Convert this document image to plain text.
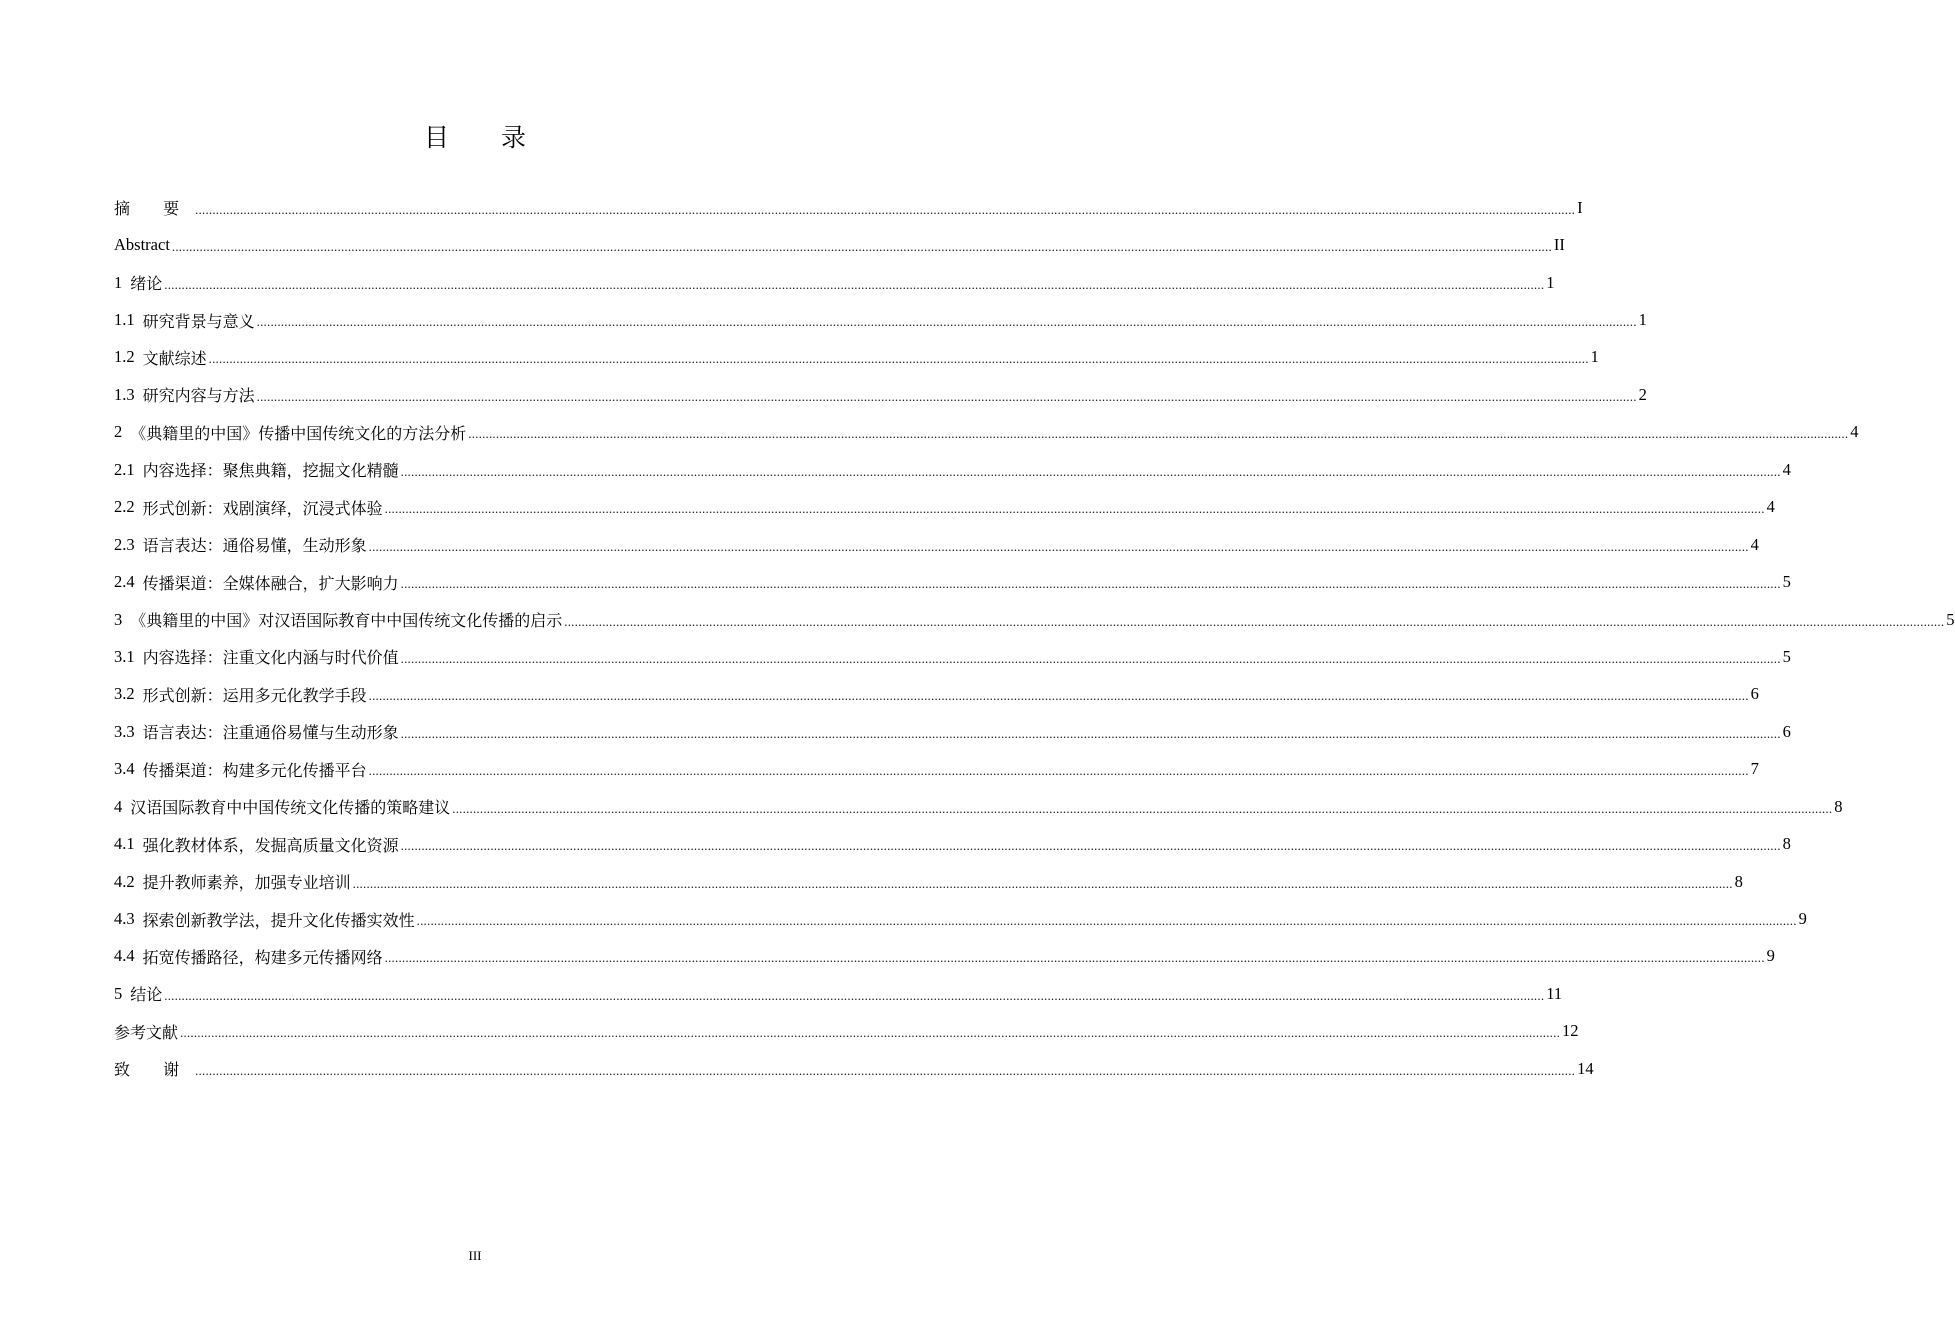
目 录
摘 要 ................................................................................................................................................................................................................................................................................................................................................................................................................ I
Abstract ................................................................................................................................................................................................................................................................................................................................................................................................................ II
1 绪论 ................................................................................................................................................................................................................................................................................................................................................................................................................ 1
1.1 研究背景与意义 ................................................................................................................................................................................................................................................................................................................................................................................................................ 1
1.2 文献综述 ................................................................................................................................................................................................................................................................................................................................................................................................................ 1
1.3 研究内容与方法 ................................................................................................................................................................................................................................................................................................................................................................................................................ 2
2 《典籍里的中国》传播中国传统文化的方法分析 ................................................................................................................................................................................................................................................................................................................................................................................................................ 4
2.1 内容选择：聚焦典籍，挖掘文化精髓 ................................................................................................................................................................................................................................................................................................................................................................................................................ 4
2.2 形式创新：戏剧演绎，沉浸式体验 ................................................................................................................................................................................................................................................................................................................................................................................................................ 4
2.3 语言表达：通俗易懂，生动形象 ................................................................................................................................................................................................................................................................................................................................................................................................................ 4
2.4 传播渠道：全媒体融合，扩大影响力 ................................................................................................................................................................................................................................................................................................................................................................................................................ 5
3 《典籍里的中国》对汉语国际教育中中国传统文化传播的启示 ................................................................................................................................................................................................................................................................................................................................................................................................................ 5
3.1 内容选择：注重文化内涵与时代价值 ................................................................................................................................................................................................................................................................................................................................................................................................................ 5
3.2 形式创新：运用多元化教学手段 ................................................................................................................................................................................................................................................................................................................................................................................................................ 6
3.3 语言表达：注重通俗易懂与生动形象 ................................................................................................................................................................................................................................................................................................................................................................................................................ 6
3.4 传播渠道：构建多元化传播平台 ................................................................................................................................................................................................................................................................................................................................................................................................................ 7
4 汉语国际教育中中国传统文化传播的策略建议 ................................................................................................................................................................................................................................................................................................................................................................................................................ 8
4.1 强化教材体系，发掘高质量文化资源 ................................................................................................................................................................................................................................................................................................................................................................................................................ 8
4.2 提升教师素养，加强专业培训 ................................................................................................................................................................................................................................................................................................................................................................................................................ 8
4.3 探索创新教学法，提升文化传播实效性 ................................................................................................................................................................................................................................................................................................................................................................................................................ 9
4.4 拓宽传播路径，构建多元传播网络 ................................................................................................................................................................................................................................................................................................................................................................................................................ 9
5 结论 ................................................................................................................................................................................................................................................................................................................................................................................................................ 11
参考文献 ................................................................................................................................................................................................................................................................................................................................................................................................................ 12
致 谢 ................................................................................................................................................................................................................................................................................................................................................................................................................ 14
III
